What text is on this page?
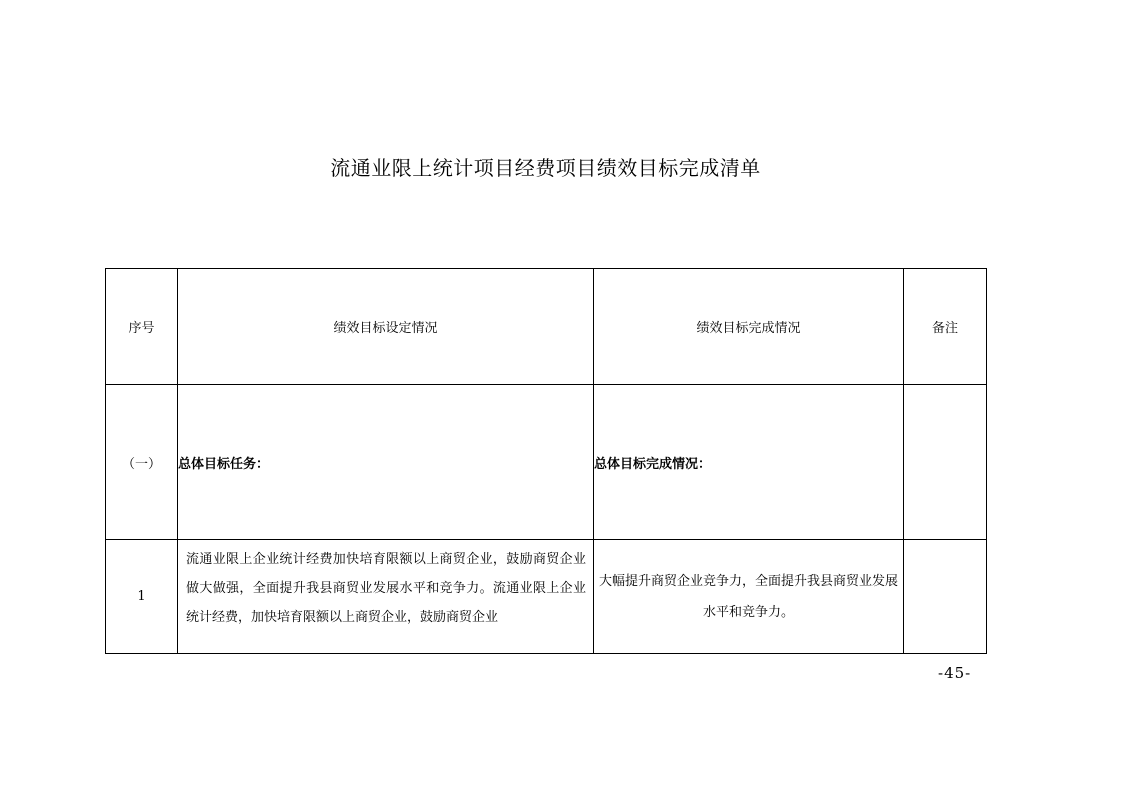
流通业限上统计项目经费项目绩效目标完成清单
序号	绩效目标设定情况	绩效目标完成情况	备注
（一）	总体目标任务：	总体目标完成情况：	
1	流通业限上企业统计经费加快培育限额以上商贸企业，鼓励商贸企业做大做强，全面提升我县商贸业发展水平和竞争力。流通业限上企业统计经费，加快培育限额以上商贸企业，鼓励商贸企业	大幅提升商贸企业竞争力，全面提升我县商贸业发展水平和竞争力。	
-45-
